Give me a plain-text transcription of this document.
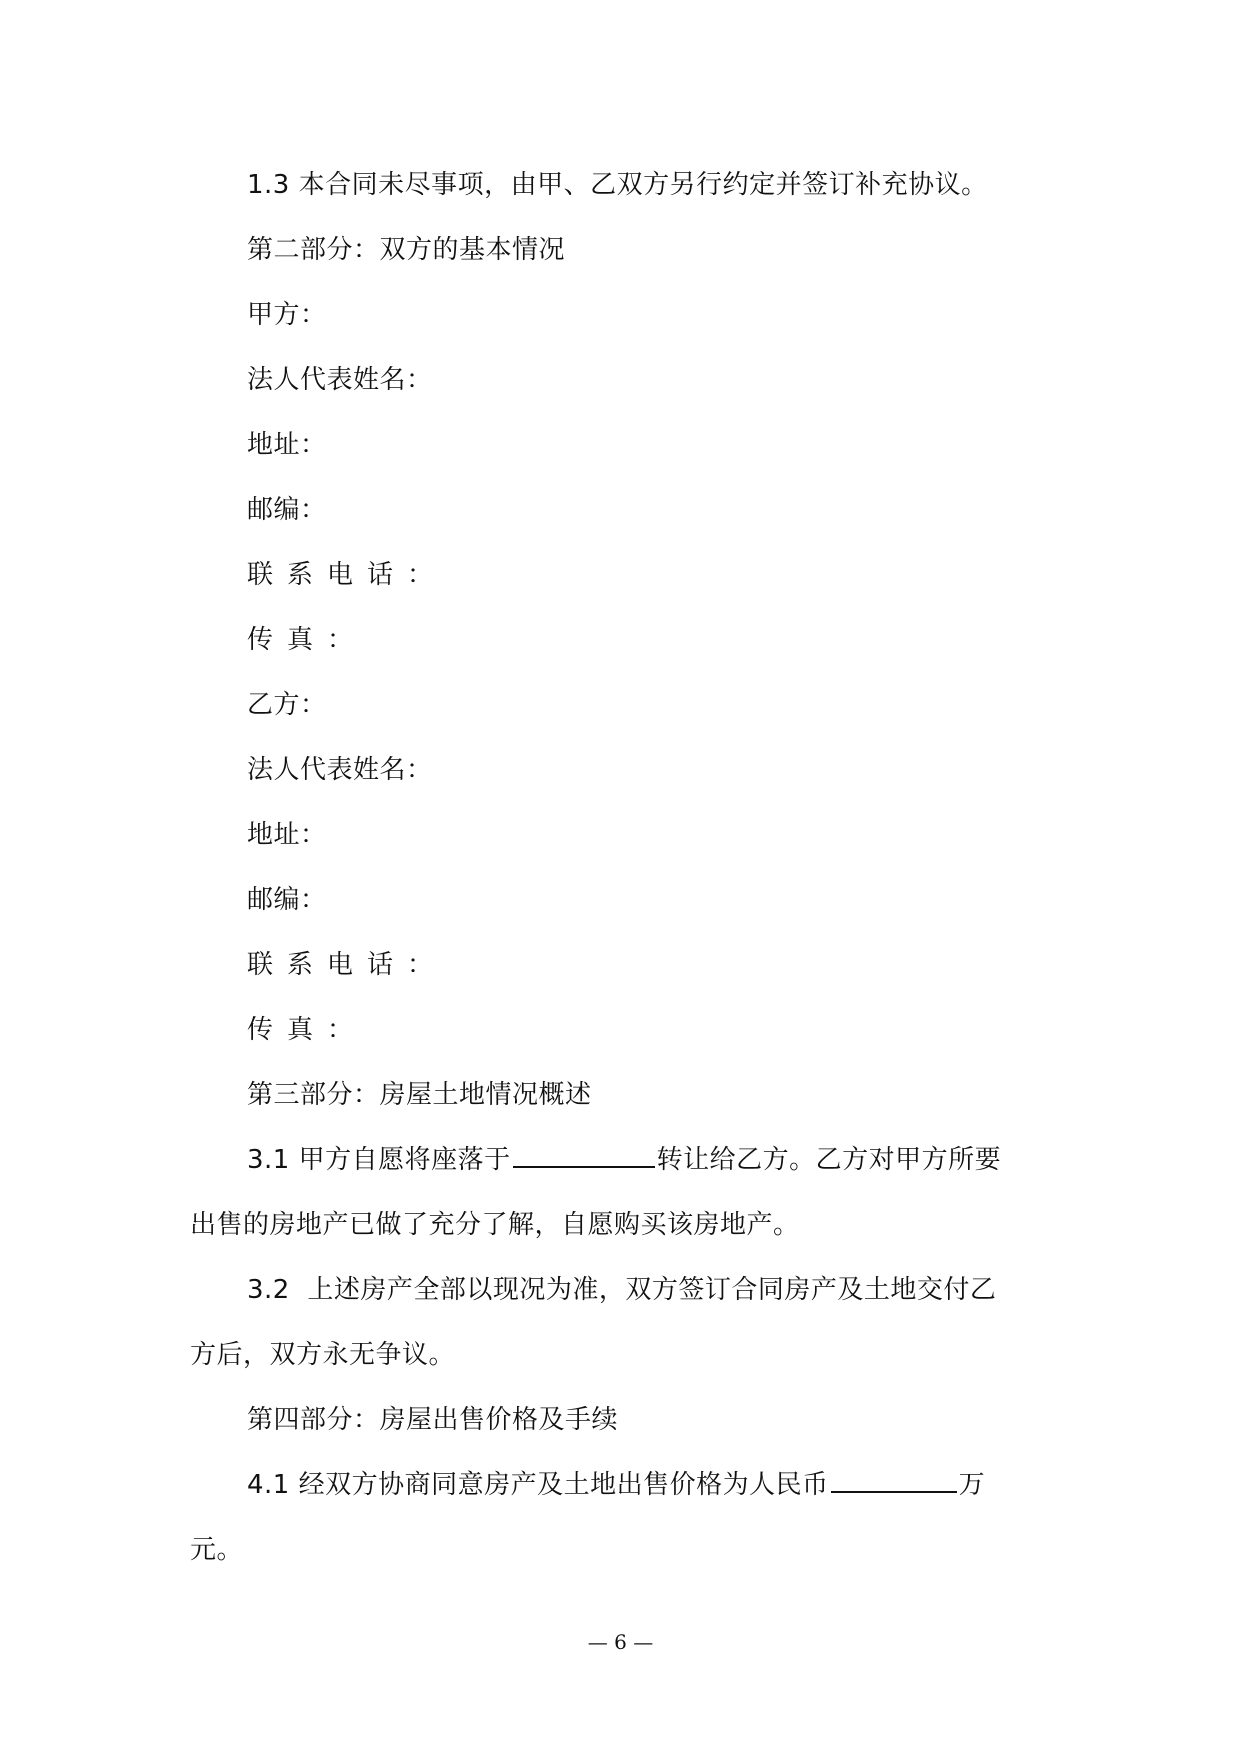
1.3 本合同未尽事项，由甲、乙双方另行约定并签订补充协议。
第二部分：双方的基本情况
甲方：
法人代表姓名：
地址：
邮编：
联系电话：
传真：
乙方：
法人代表姓名：
地址：
邮编：
联系电话：
传真：
第三部分：房屋土地情况概述
3.1 甲方自愿将座落于	转让给乙方。乙方对甲方所要
出售的房地产已做了充分了解，自愿购买该房地产。
3.2  上述房产全部以现况为准，双方签订合同房产及土地交付乙
方后，双方永无争议。
第四部分：房屋出售价格及手续
4.1 经双方协商同意房产及土地出售价格为人民币	万
元。
— 6 —
